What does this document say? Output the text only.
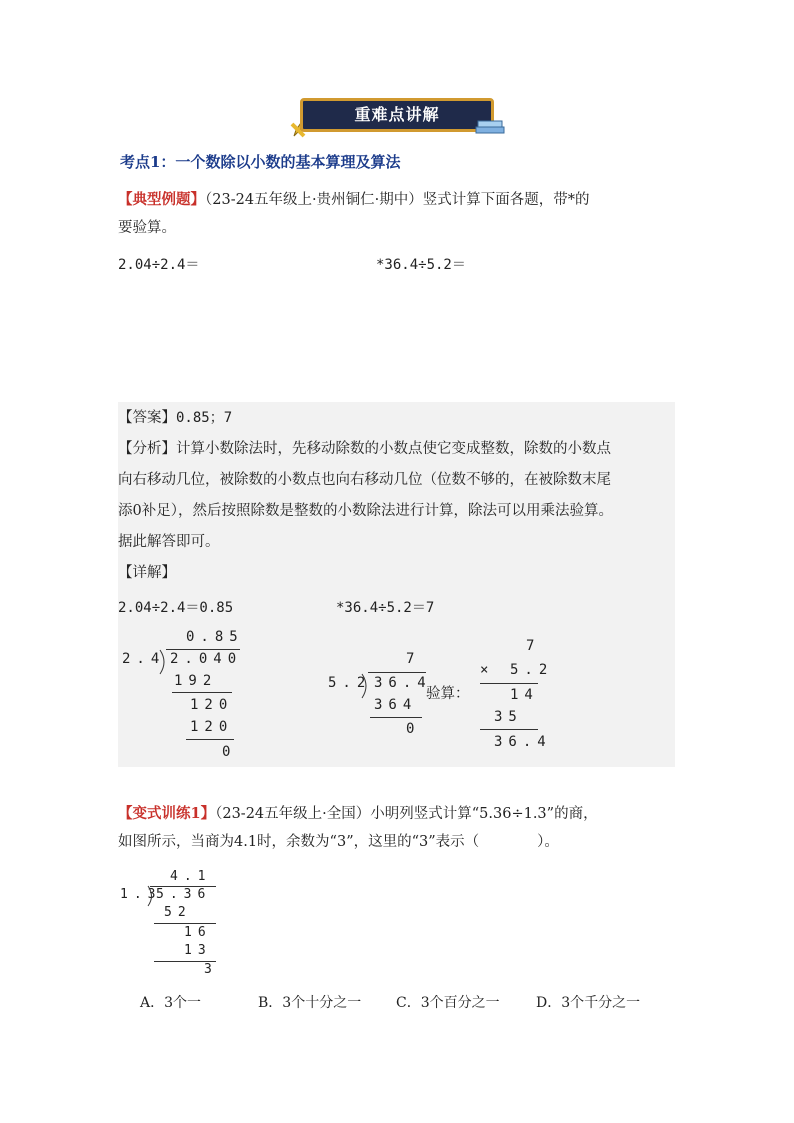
重难点讲解
考点1：一个数除以小数的基本算理及算法
【典型例题】（23-24五年级上·贵州铜仁·期中）竖式计算下面各题，带*的
要验算。
2.04÷2.4＝	*36.4÷5.2＝
【答案】0.85；7
【分析】计算小数除法时，先移动除数的小数点使它变成整数，除数的小数点
向右移动几位，被除数的小数点也向右移动几位（位数不够的，在被除数末尾
添0补足），然后按照除数是整数的小数除法进行计算，除法可以用乘法验算。
据此解答即可。
【详解】
2.04÷2.4＝0.85	*36.4÷5.2＝7
0.85
2.4 2.040
192
120
120
0
7
5.2 36.4
364
0
验算：
7
× 5.2
14
35
36.4
【变式训练1】（23-24五年级上·全国）小明列竖式计算“5.36÷1.3”的商，
如图所示，当商为4.1时，余数为“3”，这里的“3”表示（　　　　）。
4.1
1.3
5.36
52
16
13
3
A．3个一	B．3个十分之一 C．3个百分之一	D．3个千分之一
